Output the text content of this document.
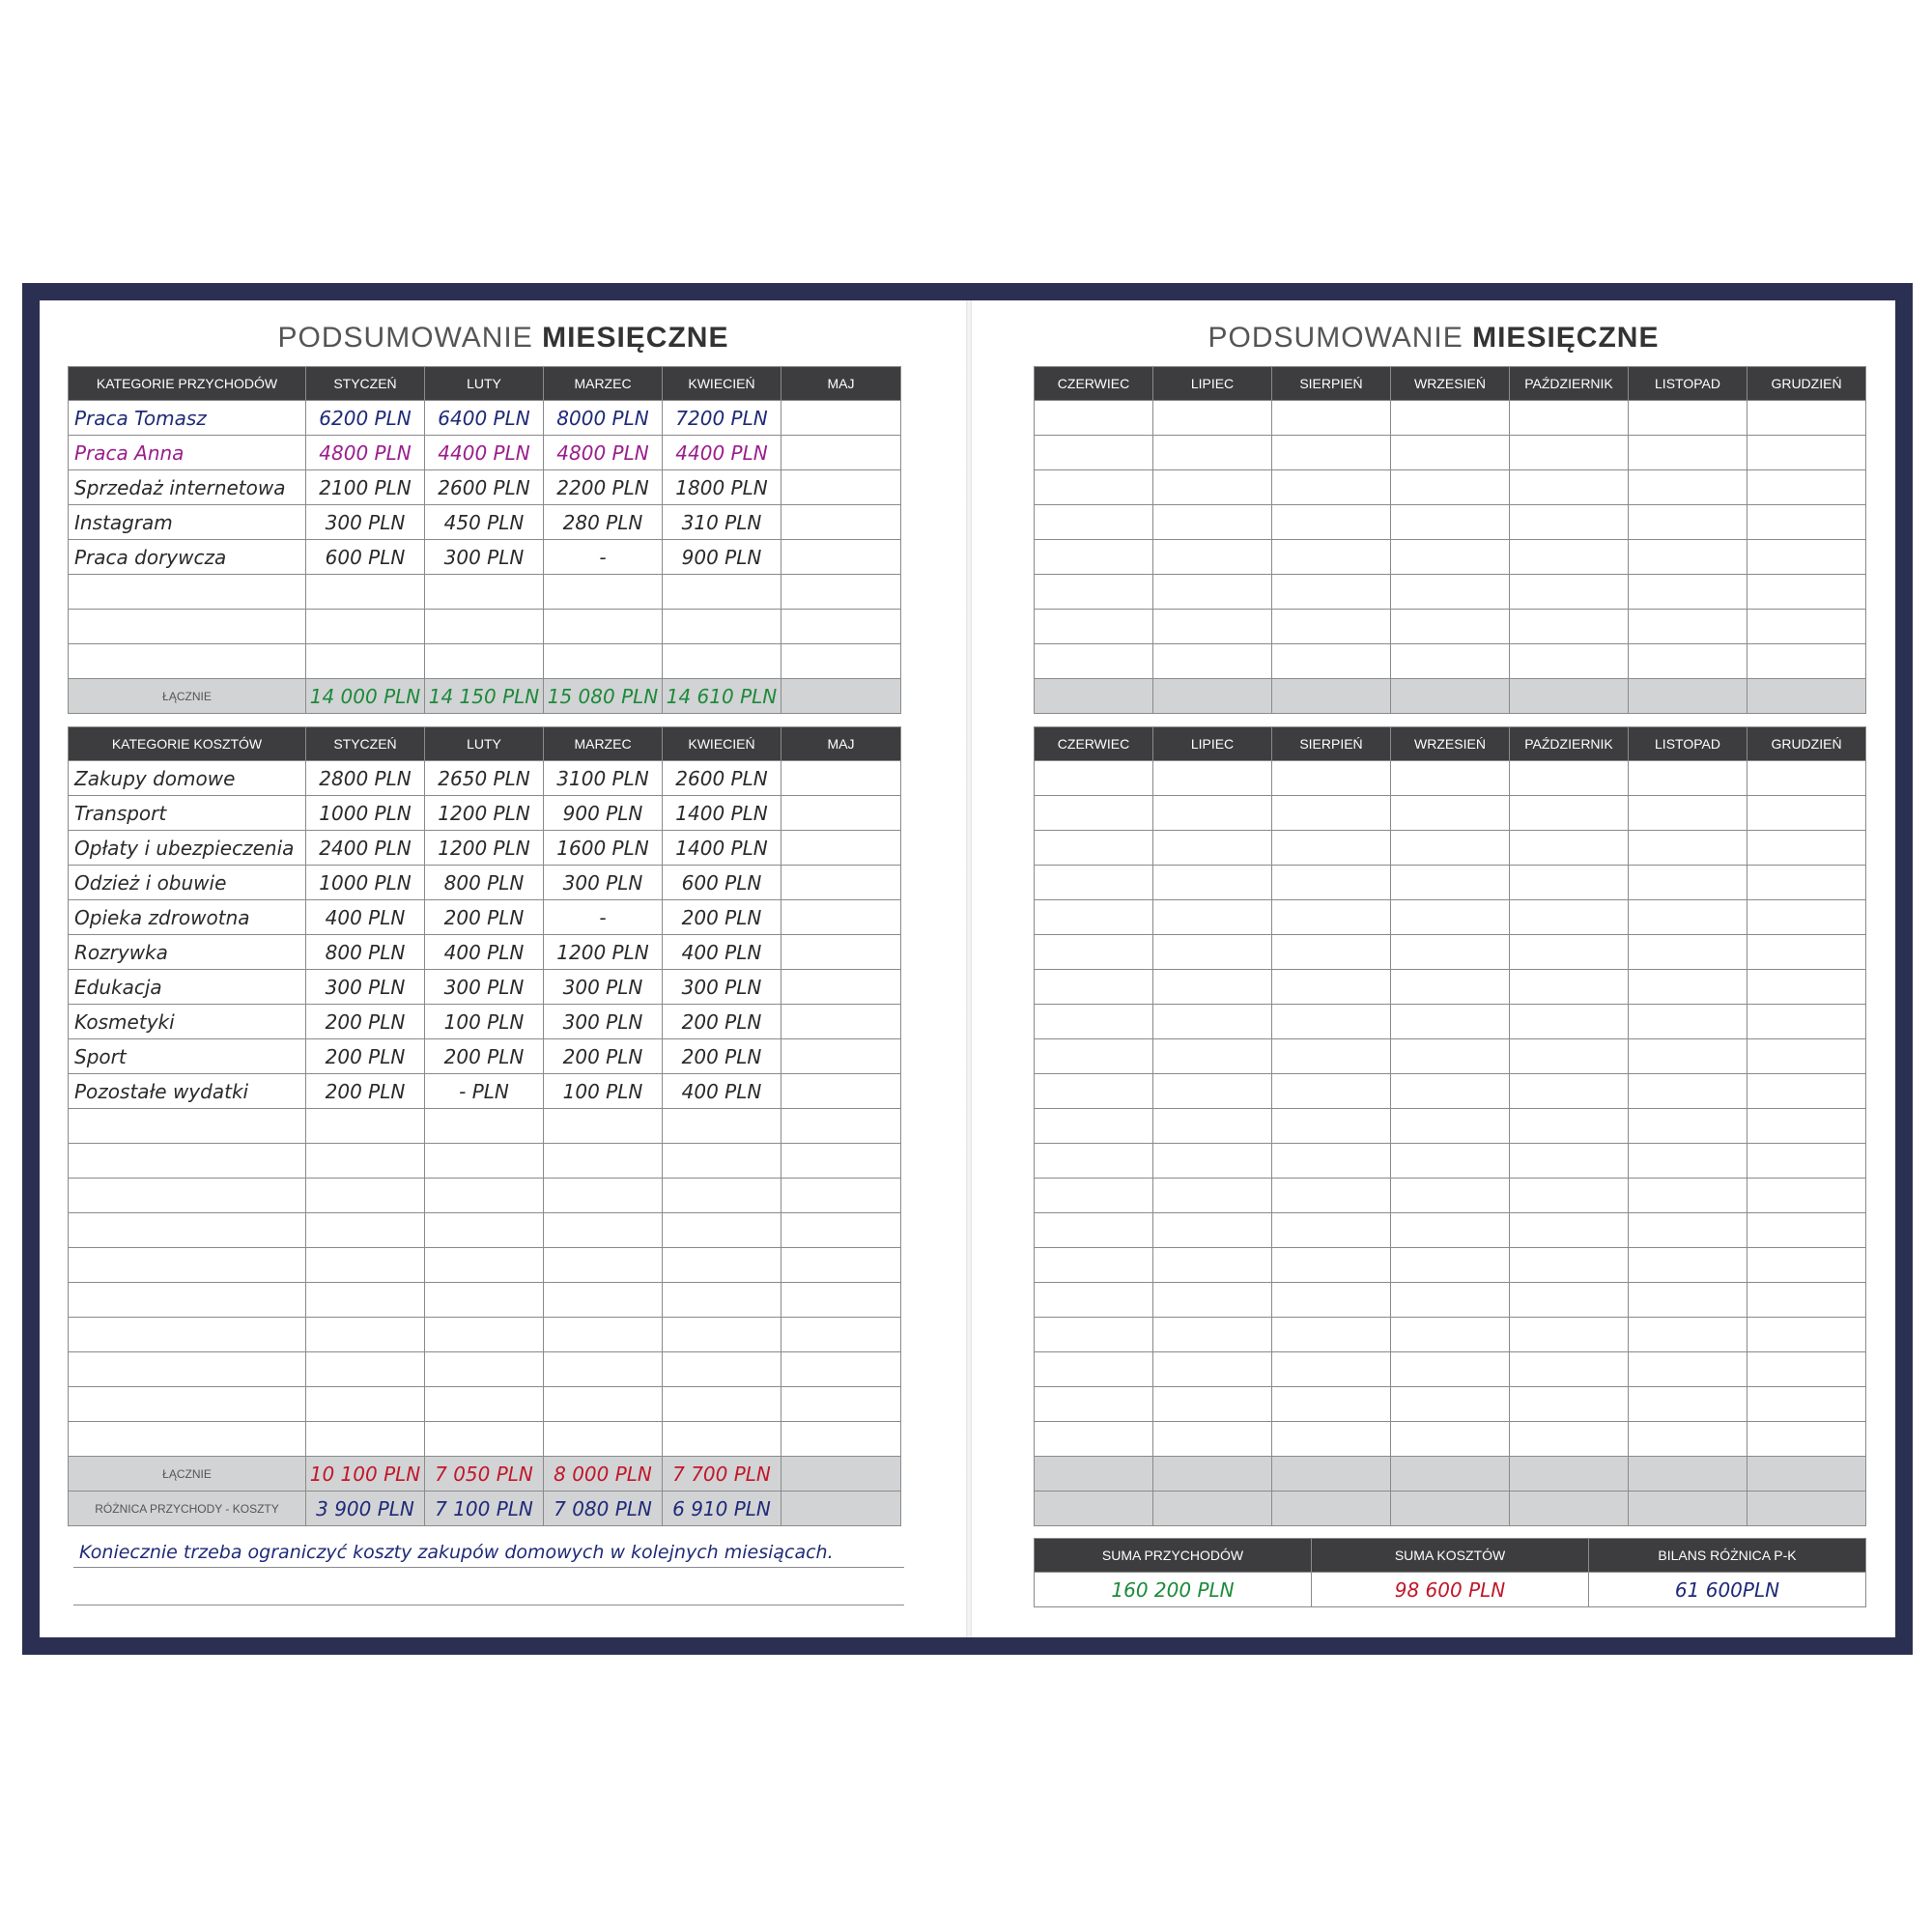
PODSUMOWANIE MIESIĘCZNE
KATEGORIE PRZYCHODÓW	STYCZEŃ	LUTY	MARZEC	KWIECIEŃ	MAJ
Praca Tomasz	6200 PLN	6400 PLN	8000 PLN	7200 PLN	
Praca Anna	4800 PLN	4400 PLN	4800 PLN	4400 PLN	
Sprzedaż internetowa	2100 PLN	2600 PLN	2200 PLN	1800 PLN	
Instagram	300 PLN	450 PLN	280 PLN	310 PLN	
Praca dorywcza	600 PLN	300 PLN	-	900 PLN	

ŁĄCZNIE	14 000 PLN	14 150 PLN	15 080 PLN	14 610 PLN	
KATEGORIE KOSZTÓW	STYCZEŃ	LUTY	MARZEC	KWIECIEŃ	MAJ
Zakupy domowe	2800 PLN	2650 PLN	3100 PLN	2600 PLN	
Transport	1000 PLN	1200 PLN	900 PLN	1400 PLN	
Opłaty i ubezpieczenia	2400 PLN	1200 PLN	1600 PLN	1400 PLN	
Odzież i obuwie	1000 PLN	800 PLN	300 PLN	600 PLN	
Opieka zdrowotna	400 PLN	200 PLN	-	200 PLN	
Rozrywka	800 PLN	400 PLN	1200 PLN	400 PLN	
Edukacja	300 PLN	300 PLN	300 PLN	300 PLN	
Kosmetyki	200 PLN	100 PLN	300 PLN	200 PLN	
Sport	200 PLN	200 PLN	200 PLN	200 PLN	
Pozostałe wydatki	200 PLN	- PLN	100 PLN	400 PLN	

ŁĄCZNIE	10 100 PLN	7 050 PLN	8 000 PLN	7 700 PLN	
RÓŻNICA PRZYCHODY - KOSZTY	3 900 PLN	7 100 PLN	7 080 PLN	6 910 PLN	
Koniecznie trzeba ograniczyć koszty zakupów domowych w kolejnych miesiącach.
PODSUMOWANIE MIESIĘCZNE
CZERWIEC	LIPIEC	SIERPIEŃ	WRZESIEŃ	PAŹDZIERNIK	LISTOPAD	GRUDZIEŃ

CZERWIEC	LIPIEC	SIERPIEŃ	WRZESIEŃ	PAŹDZIERNIK	LISTOPAD	GRUDZIEŃ

SUMA PRZYCHODÓW	SUMA KOSZTÓW	BILANS RÓŻNICA P-K
160 200 PLN	98 600 PLN	61 600PLN
